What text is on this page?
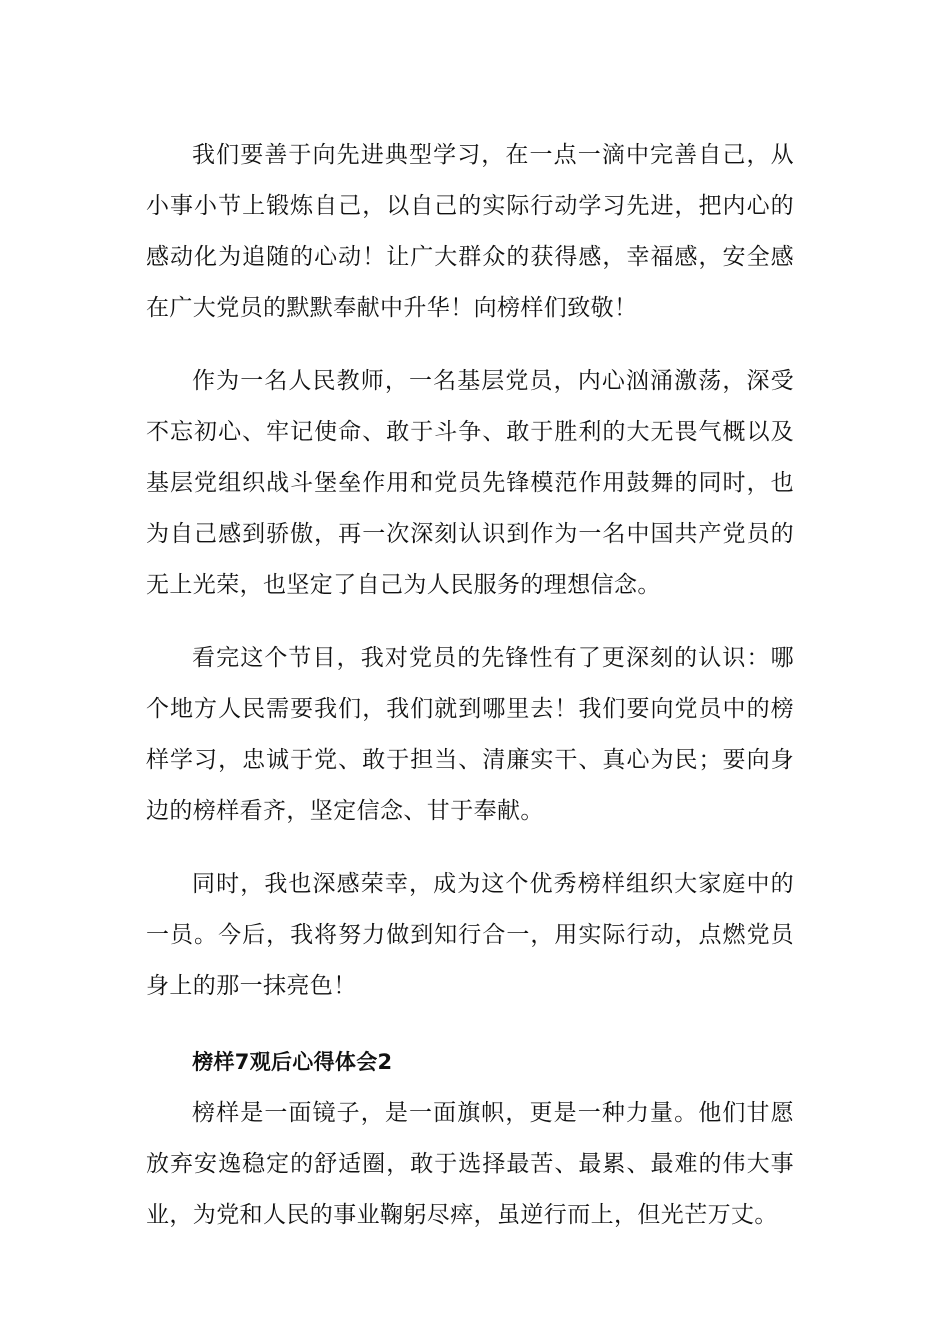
我们要善于向先进典型学习，在一点一滴中完善自己，从小事小节上锻炼自己，以自己的实际行动学习先进，把内心的感动化为追随的心动！让广大群众的获得感，幸福感，安全感在广大党员的默默奉献中升华！向榜样们致敬！

作为一名人民教师，一名基层党员，内心汹涌激荡，深受不忘初心、牢记使命、敢于斗争、敢于胜利的大无畏气概以及基层党组织战斗堡垒作用和党员先锋模范作用鼓舞的同时，也为自己感到骄傲，再一次深刻认识到作为一名中国共产党员的无上光荣，也坚定了自己为人民服务的理想信念。

看完这个节目，我对党员的先锋性有了更深刻的认识：哪个地方人民需要我们，我们就到哪里去！我们要向党员中的榜样学习，忠诚于党、敢于担当、清廉实干、真心为民；要向身边的榜样看齐，坚定信念、甘于奉献。

同时，我也深感荣幸，成为这个优秀榜样组织大家庭中的一员。今后，我将努力做到知行合一，用实际行动，点燃党员身上的那一抹亮色！

榜样7观后心得体会2

榜样是一面镜子，是一面旗帜，更是一种力量。他们甘愿放弃安逸稳定的舒适圈，敢于选择最苦、最累、最难的伟大事业，为党和人民的事业鞠躬尽瘁，虽逆行而上，但光芒万丈。
